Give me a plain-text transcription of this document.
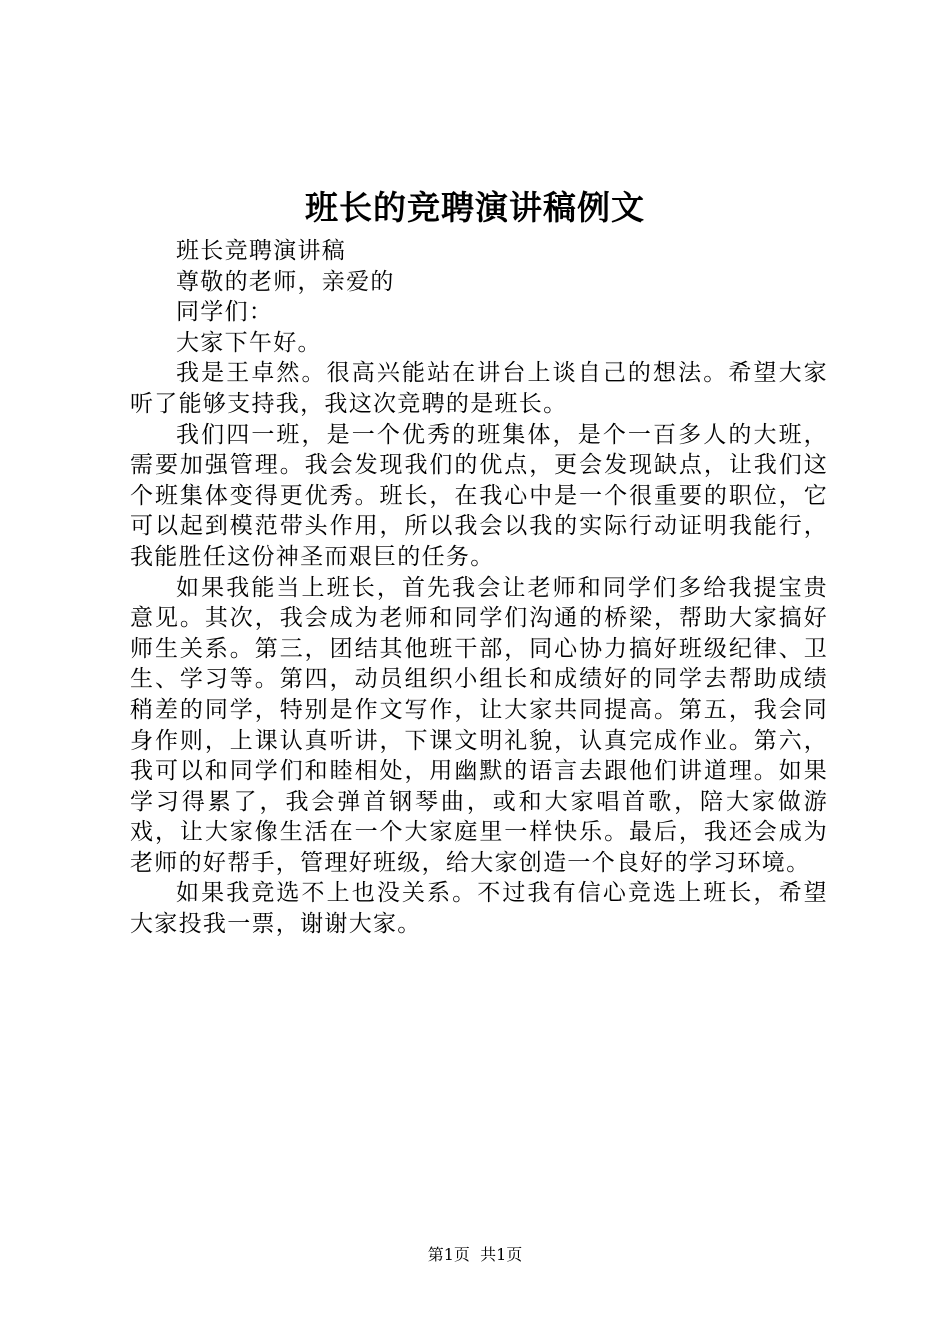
班长的竞聘演讲稿例文

班长竞聘演讲稿

尊敬的老师，亲爱的

同学们：

大家下午好。

我是王卓然。很高兴能站在讲台上谈自己的想法。希望大家听了能够支持我，我这次竞聘的是班长。

我们四一班，是一个优秀的班集体，是个一百多人的大班，需要加强管理。我会发现我们的优点，更会发现缺点，让我们这个班集体变得更优秀。班长，在我心中是一个很重要的职位，它可以起到模范带头作用，所以我会以我的实际行动证明我能行，我能胜任这份神圣而艰巨的任务。

如果我能当上班长，首先我会让老师和同学们多给我提宝贵意见。其次，我会成为老师和同学们沟通的桥梁，帮助大家搞好师生关系。第三，团结其他班干部，同心协力搞好班级纪律、卫生、学习等。第四，动员组织小组长和成绩好的同学去帮助成绩稍差的同学，特别是作文写作，让大家共同提高。第五，我会同身作则，上课认真听讲，下课文明礼貌，认真完成作业。第六，我可以和同学们和睦相处，用幽默的语言去跟他们讲道理。如果学习得累了，我会弹首钢琴曲，或和大家唱首歌，陪大家做游戏，让大家像生活在一个大家庭里一样快乐。最后，我还会成为老师的好帮手，管理好班级，给大家创造一个良好的学习环境。

如果我竞选不上也没关系。不过我有信心竞选上班长，希望大家投我一票，谢谢大家。

第1页 共1页
